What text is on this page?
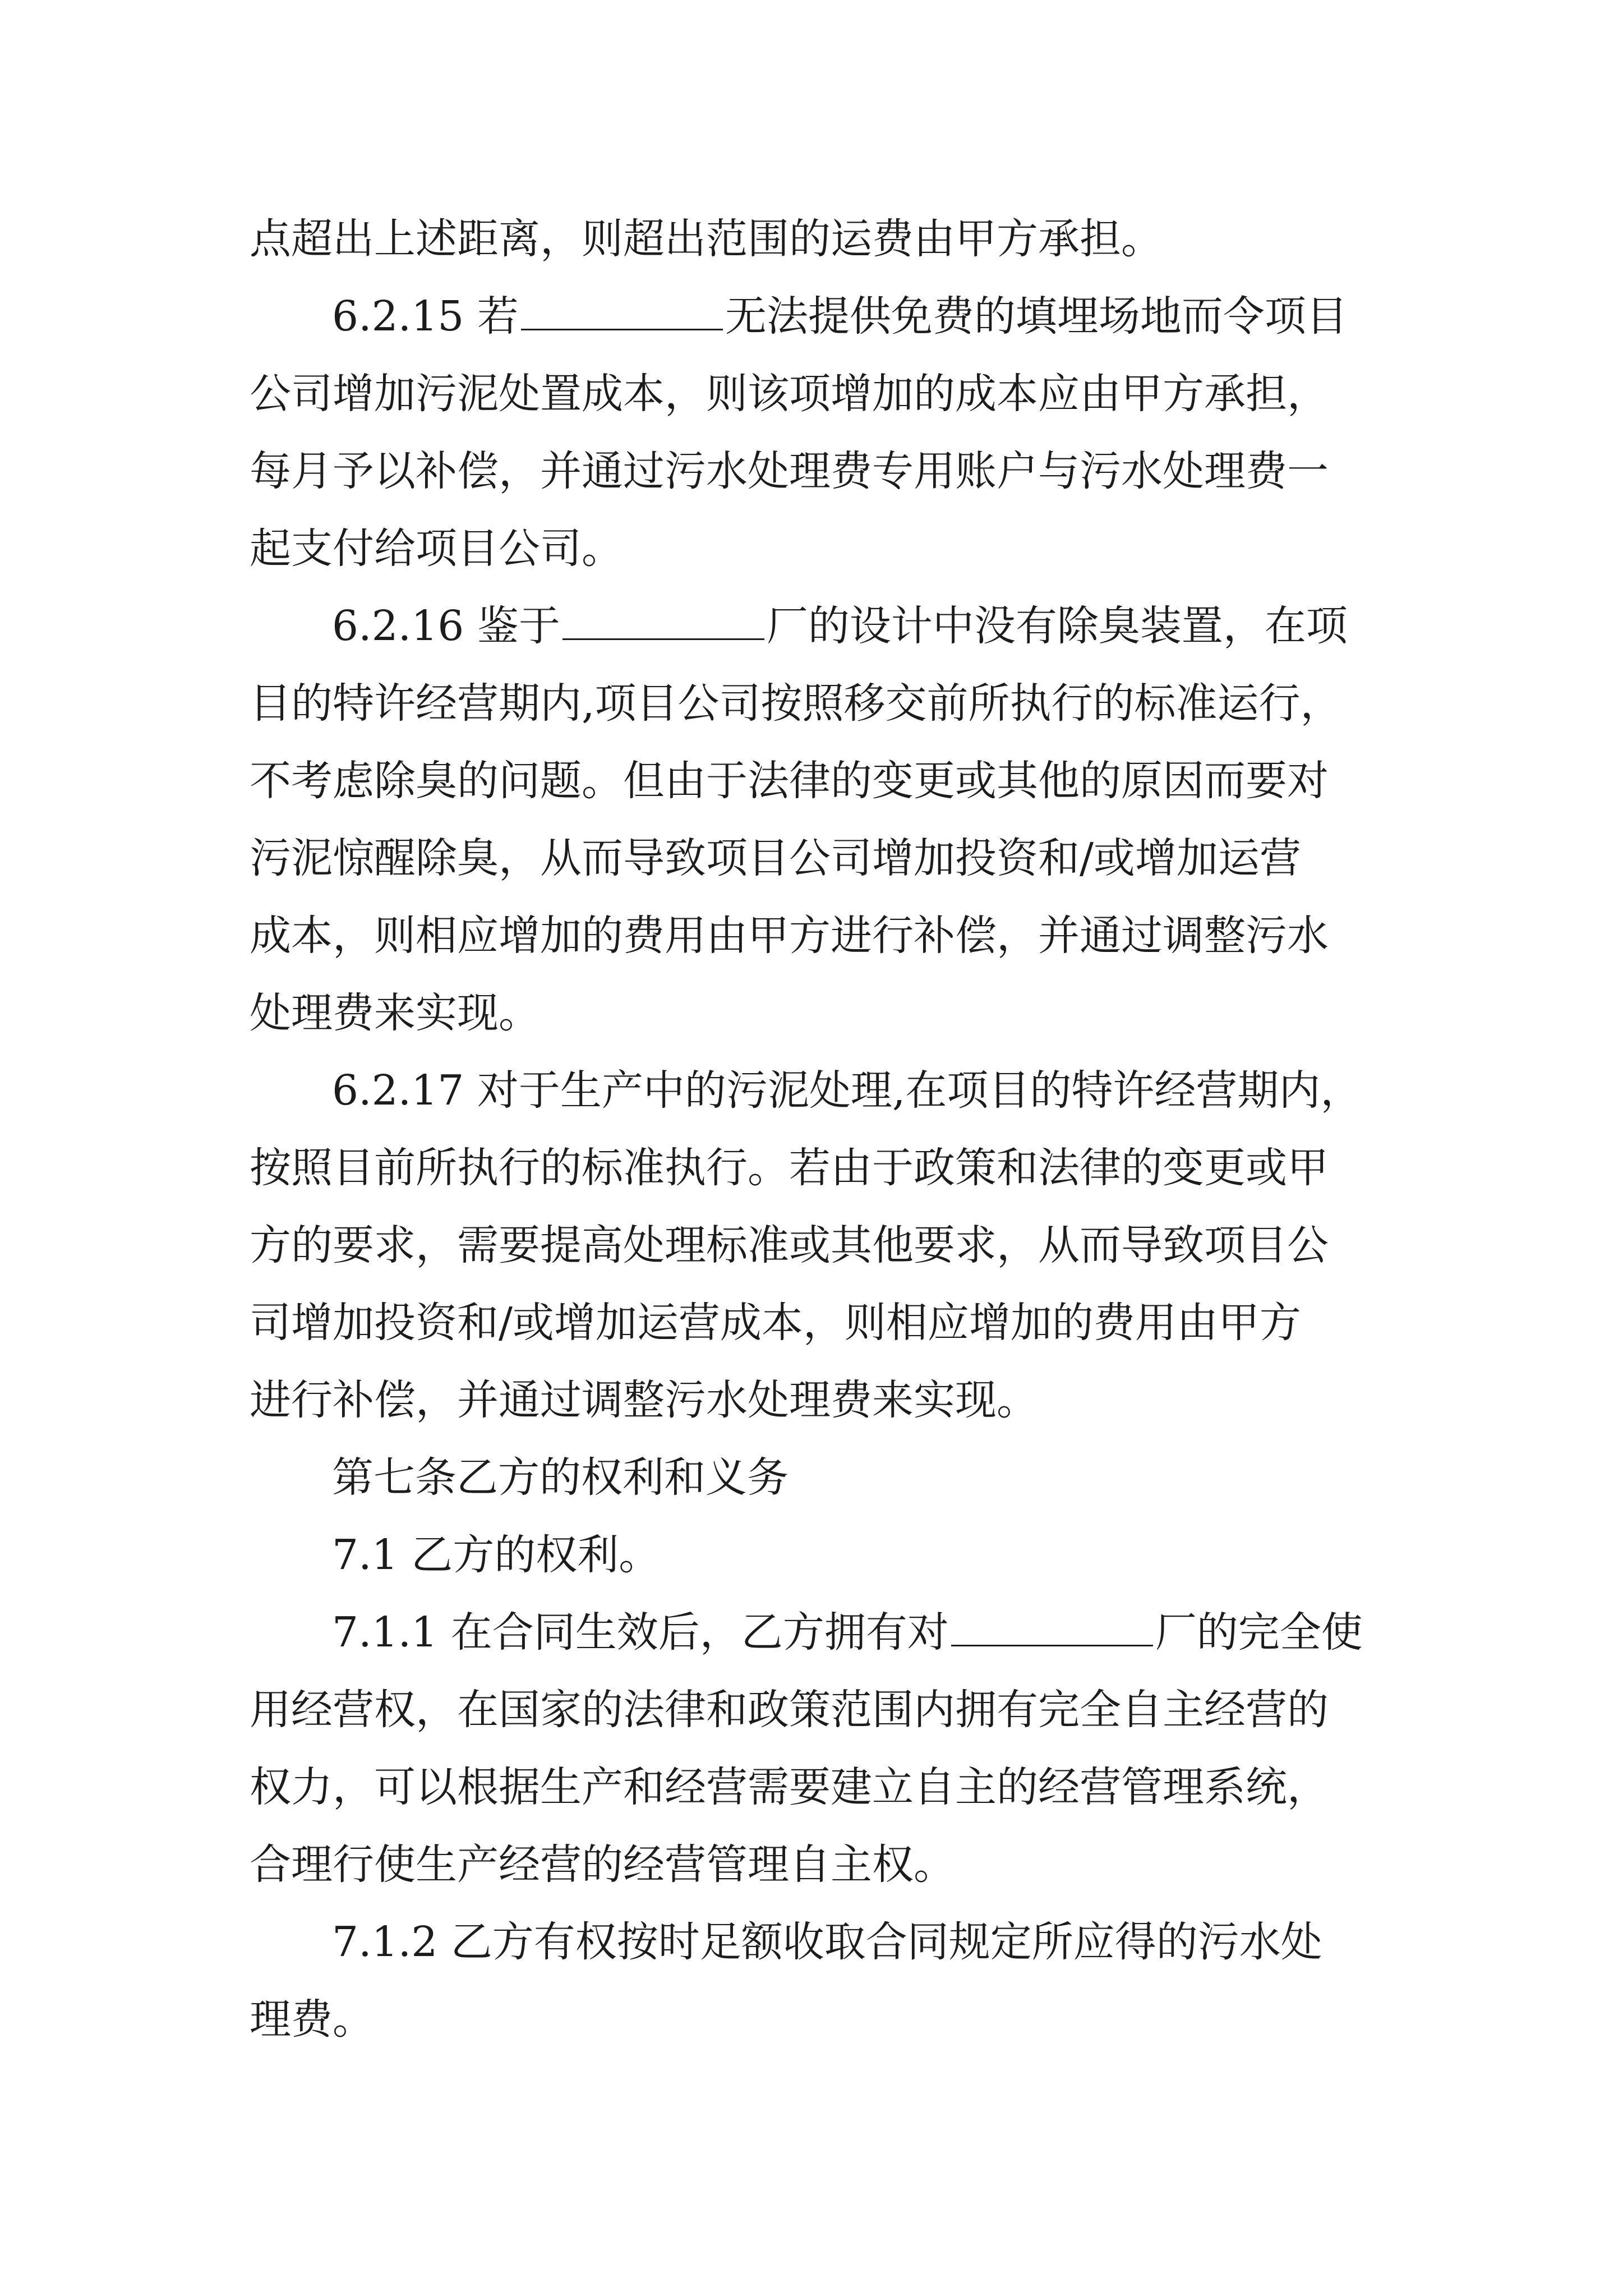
点超出上述距离，则超出范围的运费由甲方承担。

6.2.15 若	无法提供免费的填埋场地而令项目

公司增加污泥处置成本，则该项增加的成本应由甲方承担，

每月予以补偿，并通过污水处理费专用账户与污水处理费一

起支付给项目公司。

6.2.16 鉴于	厂的设计中没有除臭装置，在项

目的特许经营期内,项目公司按照移交前所执行的标准运行，

不考虑除臭的问题。但由于法律的变更或其他的原因而要对

污泥惊醒除臭，从而导致项目公司增加投资和/或增加运营

成本，则相应增加的费用由甲方进行补偿，并通过调整污水

处理费来实现。

6.2.17 对于生产中的污泥处理,在项目的特许经营期内，

按照目前所执行的标准执行。若由于政策和法律的变更或甲

方的要求，需要提高处理标准或其他要求，从而导致项目公

司增加投资和/或增加运营成本，则相应增加的费用由甲方

进行补偿，并通过调整污水处理费来实现。

第七条乙方的权利和义务

7.1 乙方的权利。

7.1.1 在合同生效后，乙方拥有对	厂的完全使

用经营权，在国家的法律和政策范围内拥有完全自主经营的

权力，可以根据生产和经营需要建立自主的经营管理系统，

合理行使生产经营的经营管理自主权。

7.1.2 乙方有权按时足额收取合同规定所应得的污水处

理费。
